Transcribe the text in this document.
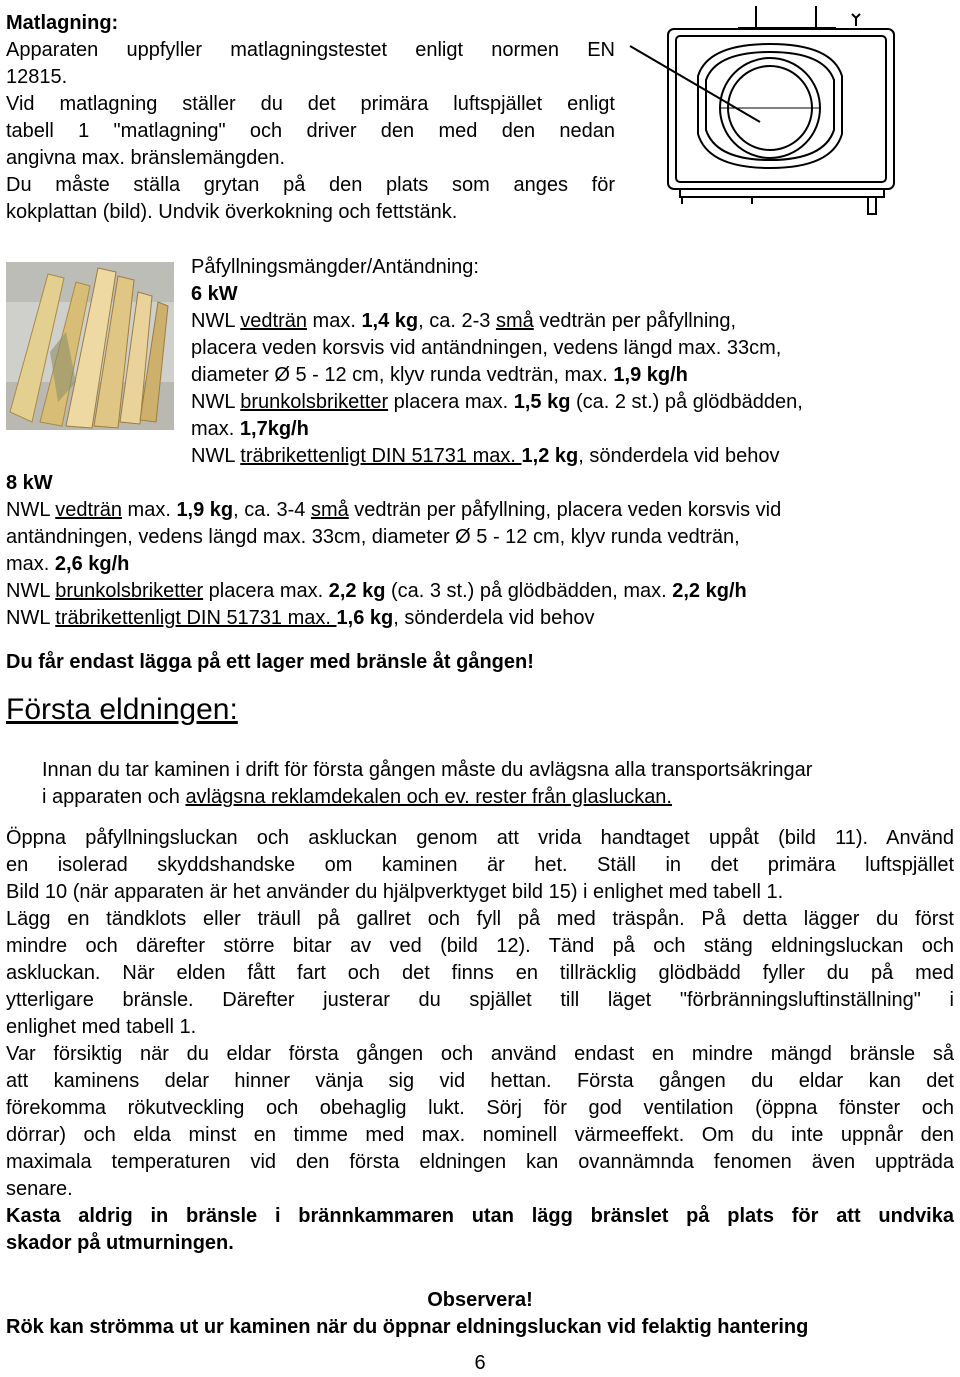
Matlagning:
Apparaten uppfyller matlagningstestet enligt normen EN
12815.
Vid matlagning ställer du det primära luftspjället enligt
tabell 1 "matlagning" och driver den med den nedan
angivna max. bränslemängden.
Du måste ställa grytan på den plats som anges för
kokplattan (bild). Undvik överkokning och fettstänk.
Påfyllningsmängder/Antändning:
6 kW
NWL vedträn max. 1,4 kg, ca. 2-3 små vedträn per påfyllning,
placera veden korsvis vid antändningen, vedens längd max. 33cm,
diameter Ø 5 - 12 cm, klyv runda vedträn, max. 1,9 kg/h
NWL brunkolsbriketter placera max. 1,5 kg (ca. 2 st.) på glödbädden,
max. 1,7kg/h
NWL träbrikettenligt DIN 51731 max. 1,2 kg, sönderdela vid behov
8 kW
NWL vedträn max. 1,9 kg, ca. 3-4 små vedträn per påfyllning, placera veden korsvis vid
antändningen, vedens längd max. 33cm, diameter Ø 5 - 12 cm, klyv runda vedträn,
max. 2,6 kg/h
NWL brunkolsbriketter placera max. 2,2 kg (ca. 3 st.) på glödbädden, max. 2,2 kg/h
NWL träbrikettenligt DIN 51731 max. 1,6 kg, sönderdela vid behov
Du får endast lägga på ett lager med bränsle åt gången!
Första eldningen:
Innan du tar kaminen i drift för första gången måste du avlägsna alla transportsäkringar
i apparaten och avlägsna reklamdekalen och ev. rester från glasluckan.
Öppna påfyllningsluckan och askluckan genom att vrida handtaget uppåt (bild 11). Använd
en isolerad skyddshandske om kaminen är het. Ställ in det primära luftspjället
Bild 10 (när apparaten är het använder du hjälpverktyget bild 15) i enlighet med tabell 1.
Lägg en tändklots eller träull på gallret och fyll på med träspån. På detta lägger du först
mindre och därefter större bitar av ved (bild 12). Tänd på och stäng eldningsluckan och
askluckan. När elden fått fart och det finns en tillräcklig glödbädd fyller du på med
ytterligare bränsle. Därefter justerar du spjället till läget "förbränningsluftinställning" i
enlighet med tabell 1.
Var försiktig när du eldar första gången och använd endast en mindre mängd bränsle så
att kaminens delar hinner vänja sig vid hettan. Första gången du eldar kan det
förekomma rökutveckling och obehaglig lukt. Sörj för god ventilation (öppna fönster och
dörrar) och elda minst en timme med max. nominell värmeeffekt. Om du inte uppnår den
maximala temperaturen vid den första eldningen kan ovannämnda fenomen även uppträda
senare.
Kasta aldrig in bränsle i brännkammaren utan lägg bränslet på plats för att undvika
skador på utmurningen.
Observera!
Rök kan strömma ut ur kaminen när du öppnar eldningsluckan vid felaktig hantering
6
